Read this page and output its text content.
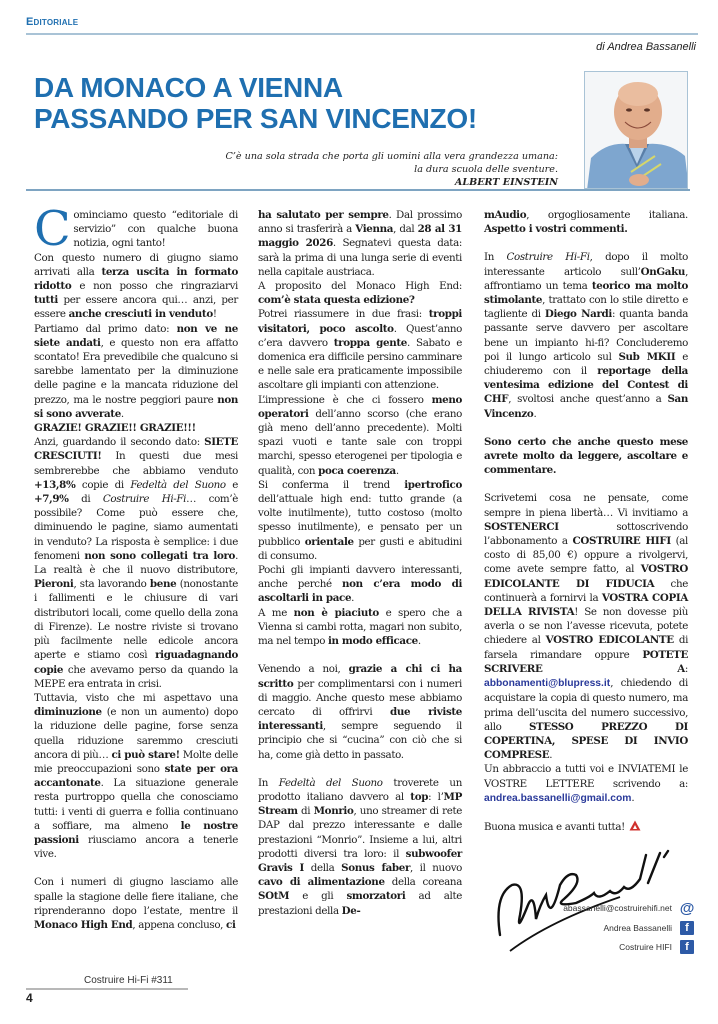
Editoriale
di Andrea Bassanelli
DA MONACO A VIENNA
PASSANDO PER SAN VINCENZO!
C’è una sola strada che porta gli uomini alla vera grandezza umana:
la dura scuola delle sventure.
ALBERT EINSTEIN

Cominciamo questo “editoriale di servizio” con qualche buona notizia, ogni tanto!

Con questo numero di giugno siamo arrivati alla terza uscita in formato ridotto e non posso che ringraziarvi tutti per essere ancora qui… anzi, per essere anche cresciuti in venduto!

Partiamo dal primo dato: non ve ne siete andati, e questo non era affatto scontato! Era prevedibile che qualcuno si sarebbe lamentato per la diminuzione delle pagine e la mancata riduzione del prezzo, ma le nostre peggiori paure non si sono avverate.

GRAZIE! GRAZIE!! GRAZIE!!!

Anzi, guardando il secondo dato: SIETE CRESCIUTI! In questi due mesi sembrerebbe che abbiamo venduto +13,8% copie di Fedeltà del Suono e +7,9% di Costruire Hi-Fi… com’è possibile? Come può essere che, diminuendo le pagine, siamo aumentati in venduto? La risposta è semplice: i due fenomeni non sono collegati tra loro. La realtà è che il nuovo distributore, Pieroni, sta lavorando bene (nonostante i fallimenti e le chiusure di vari distributori locali, come quello della zona di Firenze). Le nostre riviste si trovano più facilmente nelle edicole ancora aperte e stiamo così riguadagnando copie che avevamo perso da quando la MEPE era entrata in crisi.

Tuttavia, visto che mi aspettavo una diminuzione (e non un aumento) dopo la riduzione delle pagine, forse senza quella riduzione saremmo cresciuti ancora di più… ci può stare! Molte delle mie preoccupazioni sono state per ora accantonate. La situazione generale resta purtroppo quella che conosciamo tutti: i venti di guerra e follia continuano a soffiare, ma almeno le nostre passioni riusciamo ancora a tenerle vive.

Con i numeri di giugno lasciamo alle spalle la stagione delle fiere italiane, che riprenderanno dopo l’estate, mentre il Monaco High End, appena concluso, ci

ha salutato per sempre. Dal prossimo anno si trasferirà a Vienna, dal 28 al 31 maggio 2026. Segnatevi questa data: sarà la prima di una lunga serie di eventi nella capitale austriaca.

A proposito del Monaco High End: com’è stata questa edizione?

Potrei riassumere in due frasi: troppi visitatori, poco ascolto. Quest’anno c’era davvero troppa gente. Sabato e domenica era difficile persino camminare e nelle sale era praticamente impossibile ascoltare gli impianti con attenzione.

L’impressione è che ci fossero meno operatori dell’anno scorso (che erano già meno dell’anno precedente). Molti spazi vuoti e tante sale con troppi marchi, spesso eterogenei per tipologia e qualità, con poca coerenza.

Si conferma il trend ipertrofico dell’attuale high end: tutto grande (a volte inutilmente), tutto costoso (molto spesso inutilmente), e pensato per un pubblico orientale per gusti e abitudini di consumo.

Pochi gli impianti davvero interessanti, anche perché non c’era modo di ascoltarli in pace.

A me non è piaciuto e spero che a Vienna si cambi rotta, magari non subito, ma nel tempo in modo efficace.

Venendo a noi, grazie a chi ci ha scritto per complimentarsi con i numeri di maggio. Anche questo mese abbiamo cercato di offrirvi due riviste interessanti, sempre seguendo il principio che si “cucina” con ciò che si ha, come già detto in passato.

In Fedeltà del Suono troverete un prodotto italiano davvero al top: l’MP Stream di Monrio, uno streamer di rete DAP dal prezzo interessante e dalle prestazioni “Monrio”. Insieme a lui, altri prodotti diversi tra loro: il subwoofer Gravis I della Sonus faber, il nuovo cavo di alimentazione della coreana SOtM e gli smorzatori ad alte prestazioni della De-

mAudio, orgogliosamente italiana. Aspetto i vostri commenti.

In Costruire Hi-Fi, dopo il molto interessante articolo sull’OnGaku, affrontiamo un tema teorico ma molto stimolante, trattato con lo stile diretto e tagliente di Diego Nardi: quanta banda passante serve davvero per ascoltare bene un impianto hi-fi? Concluderemo poi il lungo articolo sul Sub MKII e chiuderemo con il reportage della ventesima edizione del Contest di CHF, svoltosi anche quest’anno a San Vincenzo.

Sono certo che anche questo mese avrete molto da leggere, ascoltare e commentare.

Scrivetemi cosa ne pensate, come sempre in piena libertà… Vi invitiamo a SOSTENERCI sottoscrivendo l’abbonamento a COSTRUIRE HIFI (al costo di 85,00 €) oppure a rivolgervi, come avete sempre fatto, al VOSTRO EDICOLANTE DI FIDUCIA che continuerà a fornirvi la VOSTRA COPIA DELLA RIVISTA! Se non dovesse più averla o se non l’avesse ricevuta, potete chiedere al VOSTRO EDICOLANTE di farsela rimandare oppure POTETE SCRIVERE A: abbonamenti@blupress.it, chiedendo di acquistare la copia di questo numero, ma prima dell’uscita del numero successivo, allo STESSO PREZZO DI COPERTINA, SPESE DI INVIO COMPRESE.

Un abbraccio a tutti voi e INVIATEMI le VOSTRE LETTERE scrivendo a: andrea.bassanelli@gmail.com.

Buona musica e avanti tutta!

abassanelli@costruirehifi.net @
Andrea Bassanelli	f
Costruire HIFI	f
Costruire Hi-Fi #311
4
